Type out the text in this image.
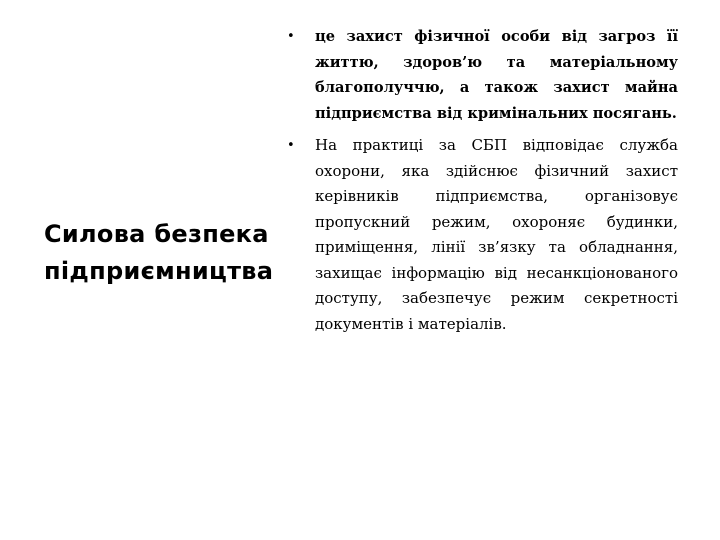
Силова безпека підприємництва
• це захист фізичної особи від загроз її життю, здоров’ю та матеріальному благополуччю, а також захист майна підприємства від кримінальних посягань.
• На практиці за СБП відповідає служба охорони, яка здійснює фізичний захист керівників підприємства, організовує пропускний режим, охороняє будинки, приміщення, лінії зв’язку та обладнання, захищає інформацію від несанкціонованого доступу, забезпечує режим секретності документів і матеріалів.
